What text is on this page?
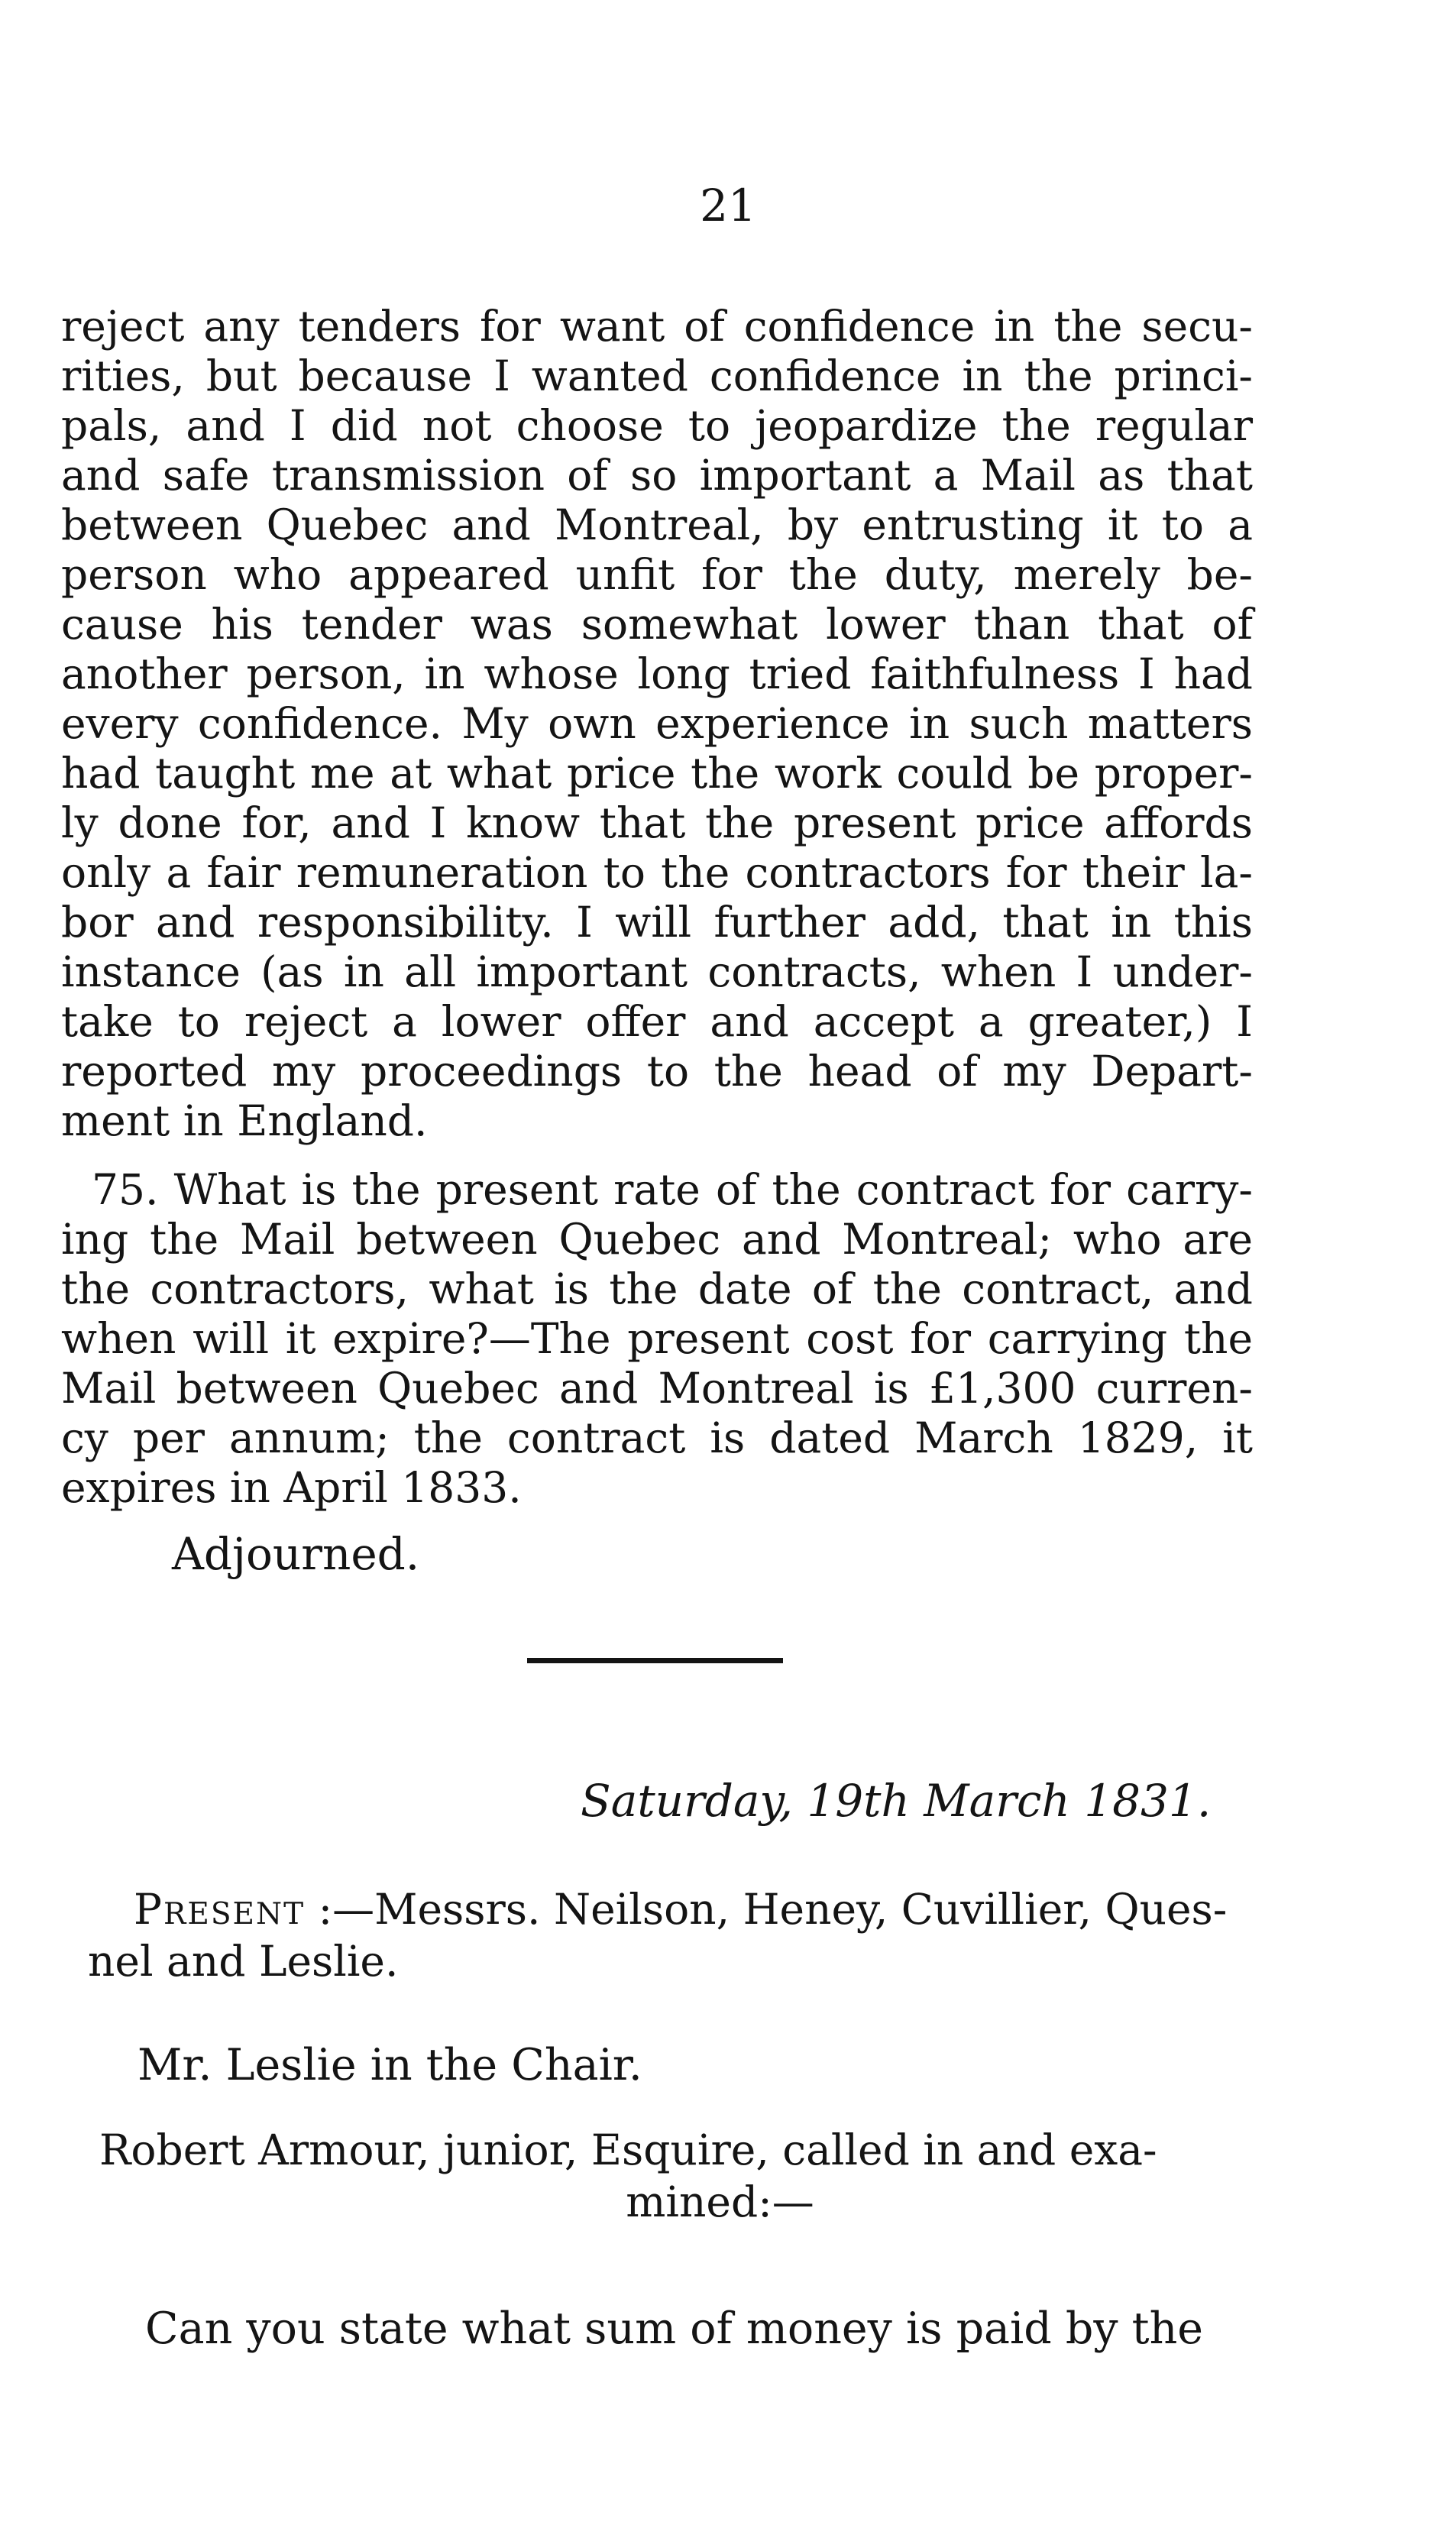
21
reject any tenders for want of confidence in the secu-
rities, but because I wanted confidence in the princi-
pals, and I did not choose to jeopardize the regular
and safe transmission of so important a Mail as that
between Quebec and Montreal, by entrusting it to a
person who appeared unfit for the duty, merely be-
cause his tender was somewhat lower than that of
another person, in whose long tried faithfulness I had
every confidence. My own experience in such matters
had taught me at what price the work could be proper-
ly done for, and I know that the present price affords
only a fair remuneration to the contractors for their la-
bor and responsibility. I will further add, that in this
instance (as in all important contracts, when I under-
take to reject a lower offer and accept a greater,) I
reported my proceedings to the head of my Depart-
ment in England.
75. What is the present rate of the contract for carry-
ing the Mail between Quebec and Montreal; who are
the contractors, what is the date of the contract, and
when will it expire?—The present cost for carrying the
Mail between Quebec and Montreal is £1,300 curren-
cy per annum; the contract is dated March 1829, it
expires in April 1833.
Adjourned.
Saturday, 19th March 1831.
Present :—Messrs. Neilson, Heney, Cuvillier, Ques-
nel and Leslie.
Mr. Leslie in the Chair.
Robert Armour, junior, Esquire, called in and exa-
mined:—
Can you state what sum of money is paid by the
